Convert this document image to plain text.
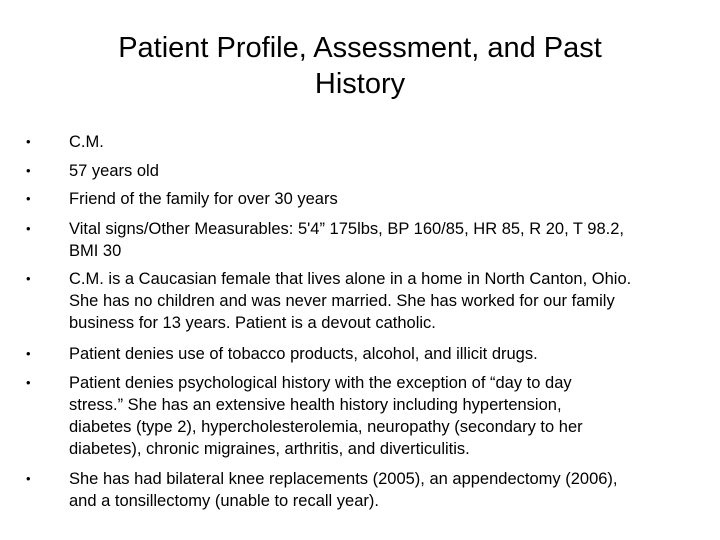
Patient Profile, Assessment, and Past
History
•	C.M.
•	57 years old
•	Friend of the family for over 30 years
•	Vital signs/Other Measurables: 5'4” 175lbs, BP 160/85, HR 85, R 20, T 98.2,
BMI 30
•	C.M. is a Caucasian female that lives alone in a home in North Canton, Ohio.
She has no children and was never married. She has worked for our family
business for 13 years. Patient is a devout catholic.
•	Patient denies use of tobacco products, alcohol, and illicit drugs.
•	Patient denies psychological history with the exception of “day to day
stress.” She has an extensive health history including hypertension,
diabetes (type 2), hypercholesterolemia, neuropathy (secondary to her
diabetes), chronic migraines, arthritis, and diverticulitis.
•	She has had bilateral knee replacements (2005), an appendectomy (2006),
and a tonsillectomy (unable to recall year).
